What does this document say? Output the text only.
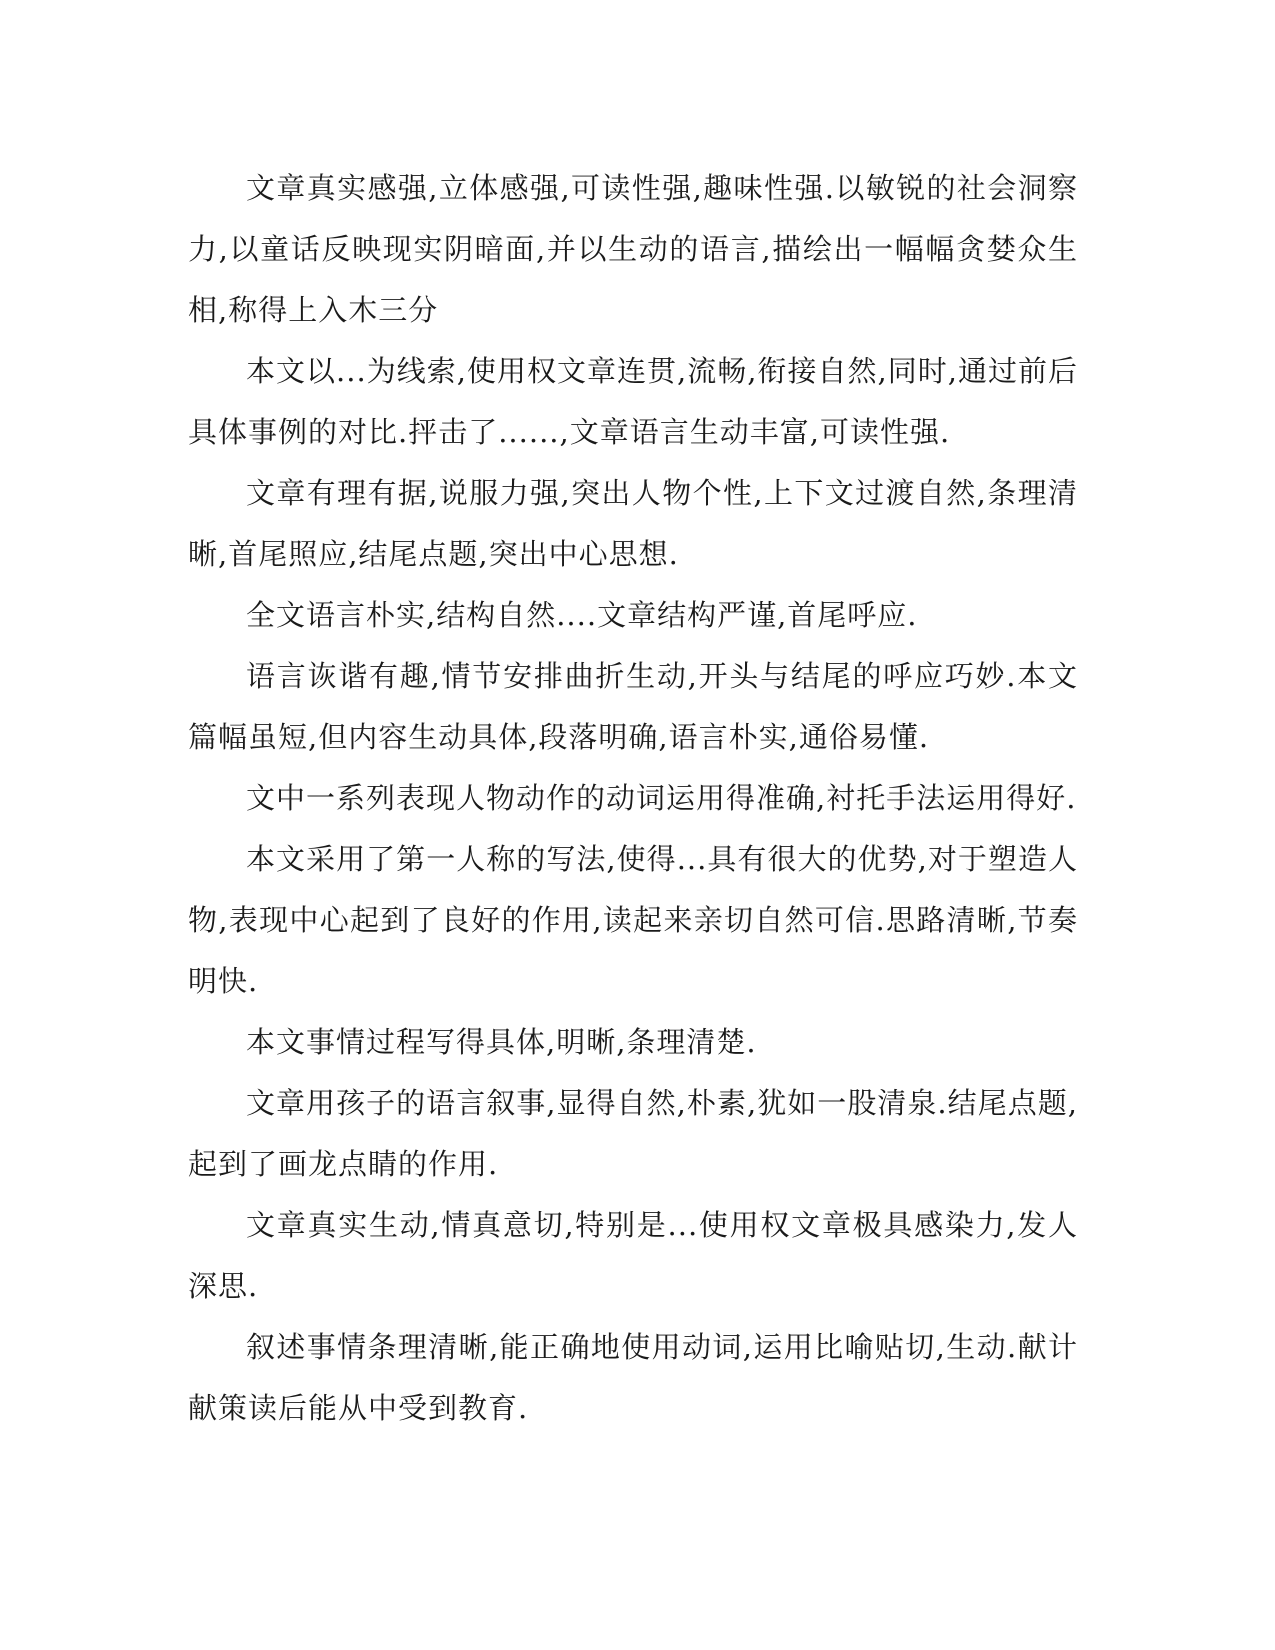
文章真实感强,立体感强,可读性强,趣味性强.以敏锐的社会洞察力,以童话反映现实阴暗面,并以生动的语言,描绘出一幅幅贪婪众生相,称得上入木三分

本文以...为线索,使用权文章连贯,流畅,衔接自然,同时,通过前后具体事例的对比.抨击了......,文章语言生动丰富,可读性强.

文章有理有据,说服力强,突出人物个性,上下文过渡自然,条理清晰,首尾照应,结尾点题,突出中心思想.

全文语言朴实,结构自然....文章结构严谨,首尾呼应.

语言诙谐有趣,情节安排曲折生动,开头与结尾的呼应巧妙.本文篇幅虽短,但内容生动具体,段落明确,语言朴实,通俗易懂.

文中一系列表现人物动作的动词运用得准确,衬托手法运用得好.

本文采用了第一人称的写法,使得...具有很大的优势,对于塑造人物,表现中心起到了良好的作用,读起来亲切自然可信.思路清晰,节奏明快.

本文事情过程写得具体,明晰,条理清楚.

文章用孩子的语言叙事,显得自然,朴素,犹如一股清泉.结尾点题,起到了画龙点睛的作用.

文章真实生动,情真意切,特别是...使用权文章极具感染力,发人深思.

叙述事情条理清晰,能正确地使用动词,运用比喻贴切,生动.献计献策读后能从中受到教育.
